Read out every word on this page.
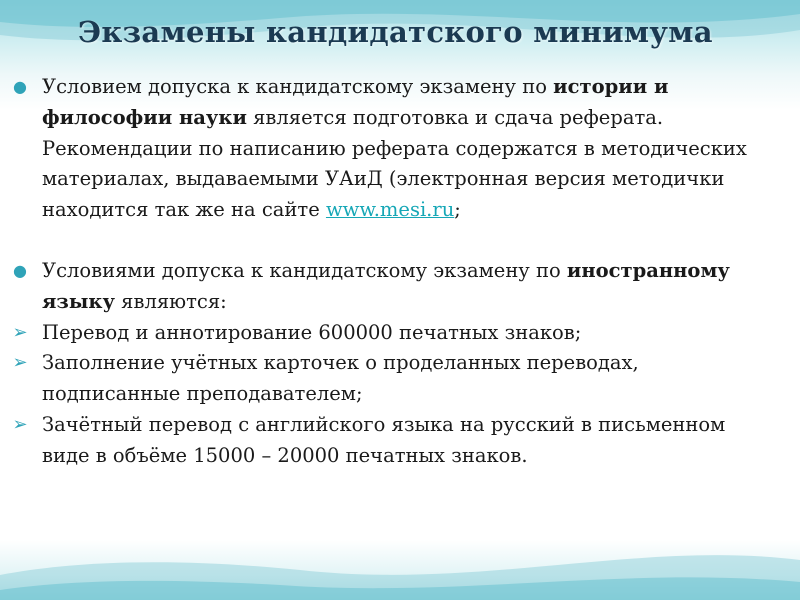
Экзамены кандидатского минимума
● Условием допуска к кандидатскому экзамену по истории и философии науки является подготовка и сдача реферата. Рекомендации по написанию реферата содержатся в методических материалах, выдаваемыми УАиД (электронная версия методички находится так же на сайте www.mesi.ru;
● Условиями допуска к кандидатскому экзамену по иностранному языку являются:
➢ Перевод и аннотирование 600000 печатных знаков;
➢ Заполнение учётных карточек о проделанных переводах, подписанные преподавателем;
➢ Зачётный перевод с английского языка на русский в письменном виде в объёме 15000 – 20000 печатных знаков.
